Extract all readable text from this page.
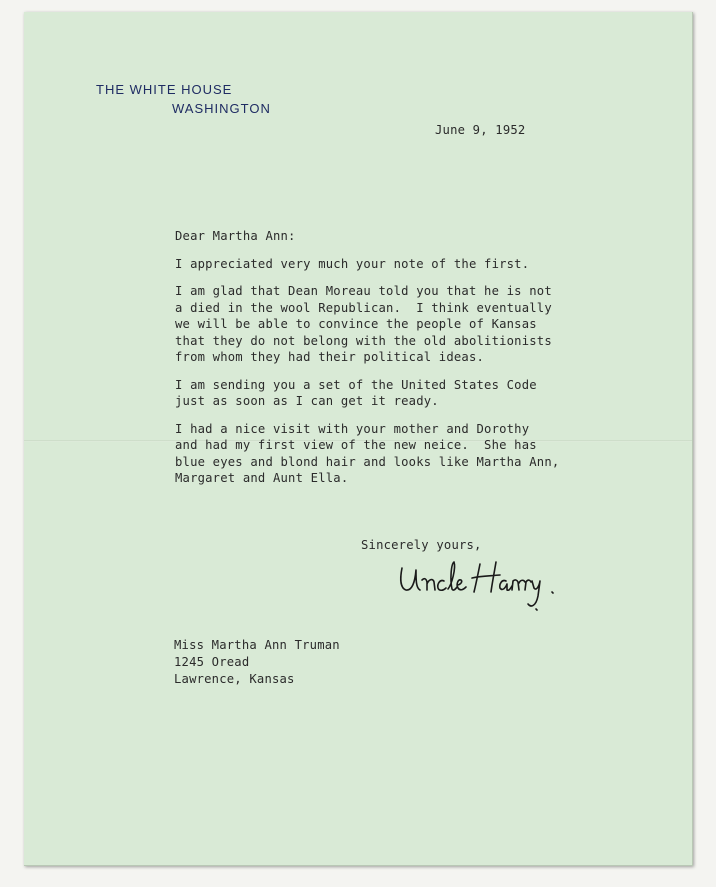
THE WHITE HOUSE
WASHINGTON
June 9, 1952

Dear Martha Ann:

I appreciated very much your note of the first.

I am glad that Dean Moreau told you that he is not
a died in the wool Republican.  I think eventually
we will be able to convince the people of Kansas
that they do not belong with the old abolitionists
from whom they had their political ideas.

I am sending you a set of the United States Code
just as soon as I can get it ready.

I had a nice visit with your mother and Dorothy
and had my first view of the new neice.  She has
blue eyes and blond hair and looks like Martha Ann,
Margaret and Aunt Ella.

Sincerely yours,
Miss Martha Ann Truman
1245 Oread
Lawrence, Kansas
